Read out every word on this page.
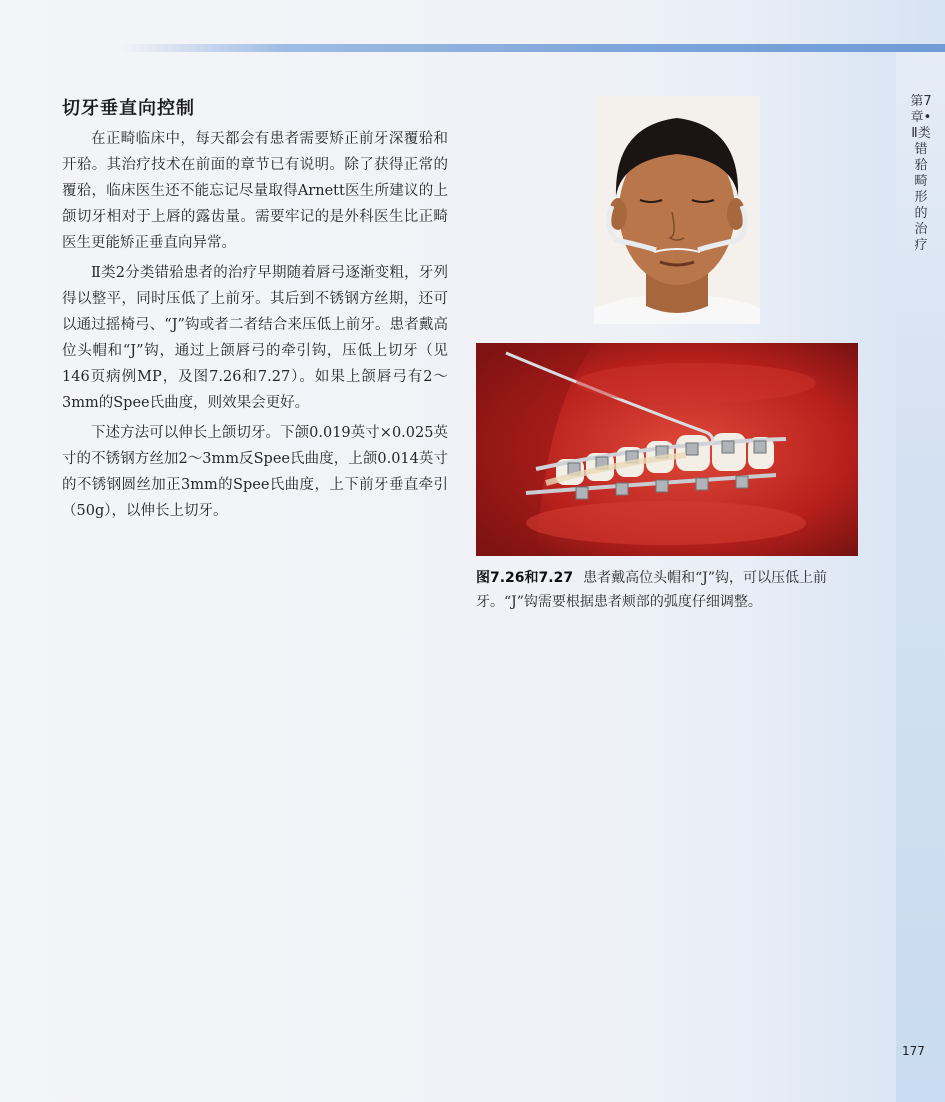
切牙垂直向控制

在正畸临床中，每天都会有患者需要矫正前牙深覆𬌗和开𬌗。其治疗技术在前面的章节已有说明。除了获得正常的覆𬌗，临床医生还不能忘记尽量取得Arnett医生所建议的上颌切牙相对于上唇的露齿量。需要牢记的是外科医生比正畸医生更能矫正垂直向异常。

Ⅱ类2分类错𬌗患者的治疗早期随着唇弓逐渐变粗，牙列得以整平，同时压低了上前牙。其后到不锈钢方丝期，还可以通过摇椅弓、“J”钩或者二者结合来压低上前牙。患者戴高位头帽和“J”钩，通过上颌唇弓的牵引钩，压低上切牙（见146页病例MP，及图7.26和7.27）。如果上颌唇弓有2～3mm的Spee氏曲度，则效果会更好。

下述方法可以伸长上颌切牙。下颌0.019英寸×0.025英寸的不锈钢方丝加2～3mm反Spee氏曲度，上颌0.014英寸的不锈钢圆丝加正3mm的Spee氏曲度，上下前牙垂直牵引（50g），以伸长上切牙。

图7.26和7.27 患者戴高位头帽和“J”钩，可以压低上前牙。“J”钩需要根据患者颊部的弧度仔细调整。
第7章•Ⅱ类错𬌗畸形的治疗
177
